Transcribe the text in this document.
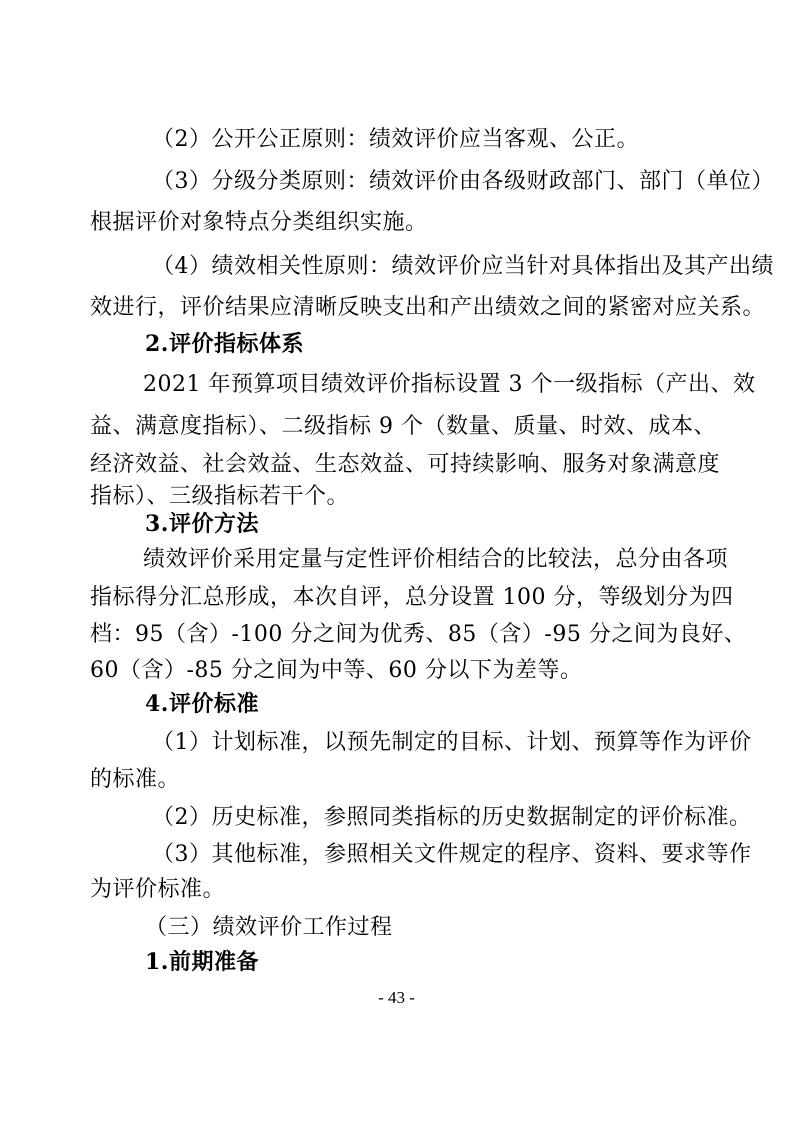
（2）公开公正原则：绩效评价应当客观、公正。
（3）分级分类原则：绩效评价由各级财政部门、部门（单位）
根据评价对象特点分类组织实施。
（4）绩效相关性原则：绩效评价应当针对具体指出及其产出绩
效进行，评价结果应清晰反映支出和产出绩效之间的紧密对应关系。
2.评价指标体系
2021 年预算项目绩效评价指标设置 3 个一级指标（产出、效
益、满意度指标）、二级指标 9 个（数量、质量、时效、成本、
经济效益、社会效益、生态效益、可持续影响、服务对象满意度
指标）、三级指标若干个。
3.评价方法
绩效评价采用定量与定性评价相结合的比较法，总分由各项
指标得分汇总形成，本次自评，总分设置 100 分，等级划分为四
档：95（含）-100 分之间为优秀、85（含）-95 分之间为良好、
60（含）-85 分之间为中等、60 分以下为差等。
4.评价标准
（1）计划标准，以预先制定的目标、计划、预算等作为评价
的标准。
（2）历史标准，参照同类指标的历史数据制定的评价标准。
（3）其他标准，参照相关文件规定的程序、资料、要求等作
为评价标准。
（三）绩效评价工作过程
1.前期准备
- 43 -
